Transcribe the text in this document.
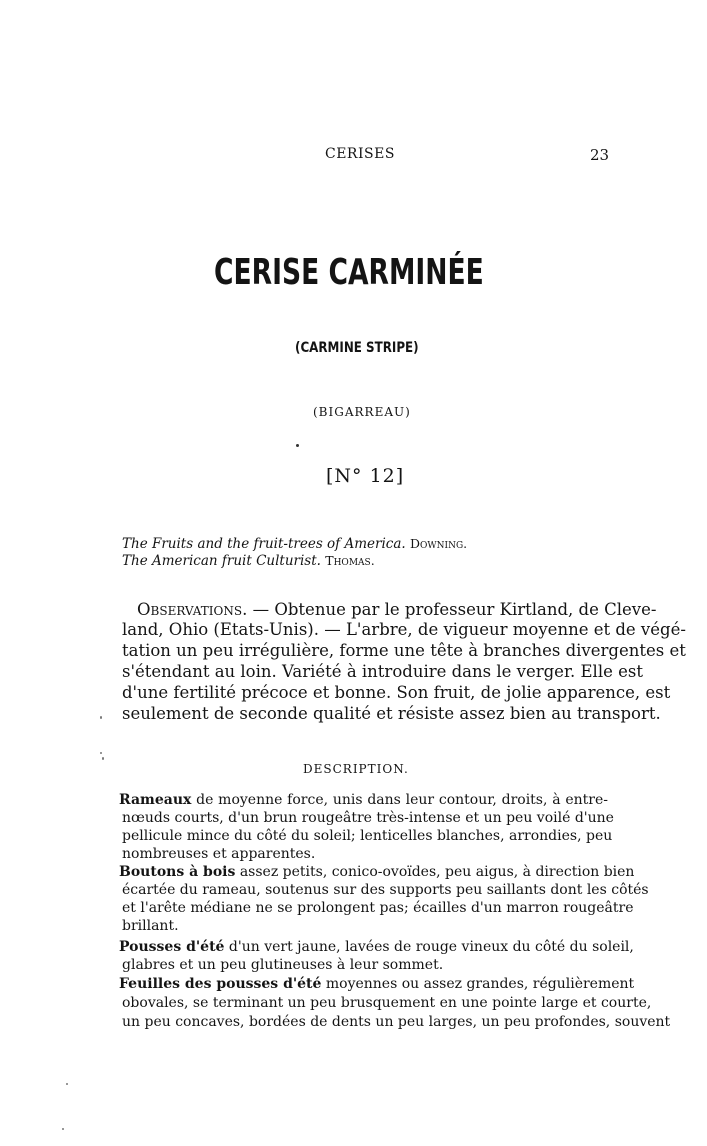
CERISES	23
CERISE CARMINÉE
(CARMINE STRIPE)
(BIGARREAU)
[N° 12]
The Fruits and the fruit-trees of America. Downing.
The American fruit Culturist. Thomas.
Observations. — Obtenue par le professeur Kirtland, de Cleve-
land, Ohio (Etats-Unis). — L'arbre, de vigueur moyenne et de végé-
tation un peu irrégulière, forme une tête à branches divergentes et
s'étendant au loin. Variété à introduire dans le verger. Elle est
d'une fertilité précoce et bonne. Son fruit, de jolie apparence, est
seulement de seconde qualité et résiste assez bien au transport.
DESCRIPTION.
Rameaux de moyenne force, unis dans leur contour, droits, à entre-
nœuds courts, d'un brun rougeâtre très-intense et un peu voilé d'une
pellicule mince du côté du soleil; lenticelles blanches, arrondies, peu
nombreuses et apparentes.
Boutons à bois assez petits, conico-ovoïdes, peu aigus, à direction bien
écartée du rameau, soutenus sur des supports peu saillants dont les côtés
et l'arête médiane ne se prolongent pas; écailles d'un marron rougeâtre
brillant.
Pousses d'été d'un vert jaune, lavées de rouge vineux du côté du soleil,
glabres et un peu glutineuses à leur sommet.
Feuilles des pousses d'été moyennes ou assez grandes, régulièrement
obovales, se terminant un peu brusquement en une pointe large et courte,
un peu concaves, bordées de dents un peu larges, un peu profondes, souvent
